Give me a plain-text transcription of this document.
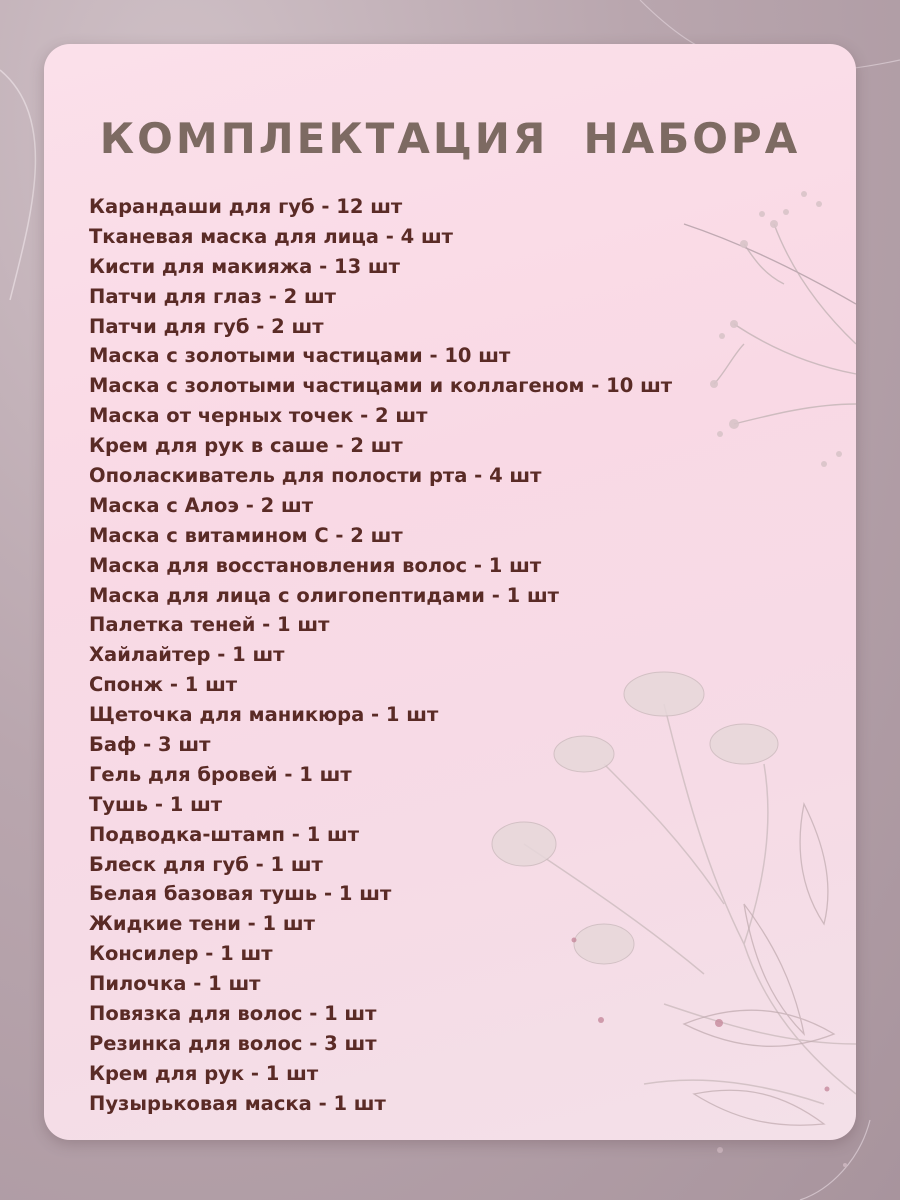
КОМПЛЕКТАЦИЯ  НАБОРА
Карандаши для губ - 12 шт
Тканевая маска для лица - 4 шт
Кисти для макияжа - 13 шт
Патчи для глаз - 2 шт
Патчи для губ - 2 шт
Маска с золотыми частицами - 10 шт
Маска с золотыми частицами и коллагеном - 10 шт
Маска от черных точек - 2 шт
Крем для рук в саше - 2 шт
Ополаскиватель для полости рта - 4 шт
Маска с Алоэ - 2 шт
Маска с витамином С - 2 шт
Маска для восстановления волос - 1 шт
Маска для лица с олигопептидами - 1 шт
Палетка теней - 1 шт
Хайлайтер - 1 шт
Спонж - 1 шт
Щеточка для маникюра - 1 шт
Баф - 3 шт
Гель для бровей - 1 шт
Тушь - 1 шт
Подводка-штамп - 1 шт
Блеск для губ - 1 шт
Белая базовая тушь - 1 шт
Жидкие тени - 1 шт
Консилер - 1 шт
Пилочка - 1 шт
Повязка для волос - 1 шт
Резинка для волос - 3 шт
Крем для рук - 1 шт
Пузырьковая маска - 1 шт
